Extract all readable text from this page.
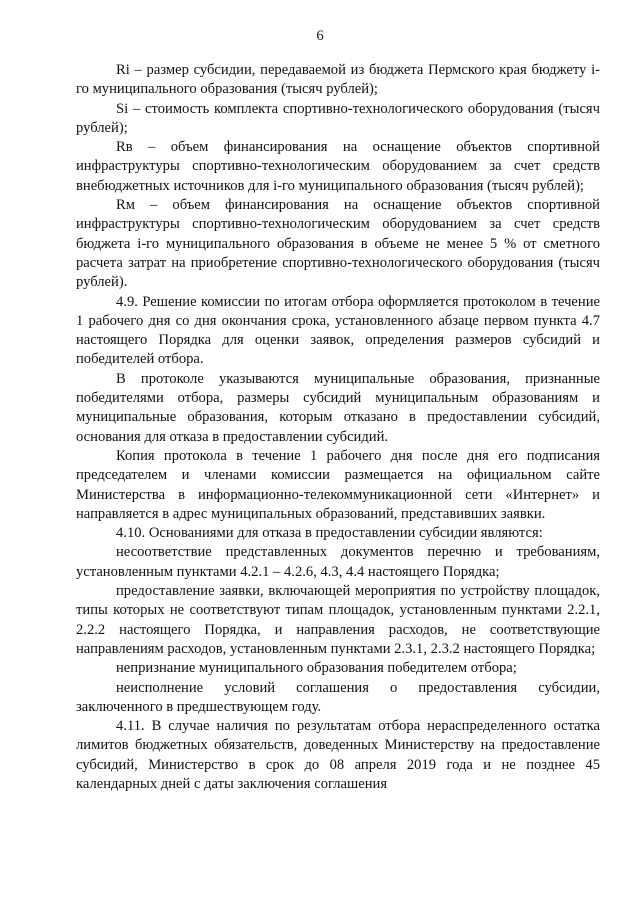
6

Ri – размер субсидии, передаваемой из бюджета Пермского края бюджету i-го муниципального образования (тысяч рублей);

Si – стоимость комплекта спортивно-технологического оборудования (тысяч рублей);

Rв – объем финансирования на оснащение объектов спортивной инфраструктуры спортивно-технологическим оборудованием за счет средств внебюджетных источников для i-го муниципального образования (тысяч рублей);

Rм – объем финансирования на оснащение объектов спортивной инфраструктуры спортивно-технологическим оборудованием за счет средств бюджета i-го муниципального образования в объеме не менее 5 % от сметного расчета затрат на приобретение спортивно-технологического оборудования (тысяч рублей).

4.9. Решение комиссии по итогам отбора оформляется протоколом в течение 1 рабочего дня со дня окончания срока, установленного абзаце первом пункта 4.7 настоящего Порядка для оценки заявок, определения размеров субсидий и победителей отбора.

В протоколе указываются муниципальные образования, признанные победителями отбора, размеры субсидий муниципальным образованиям и муниципальные образования, которым отказано в предоставлении субсидий, основания для отказа в предоставлении субсидий.

Копия протокола в течение 1 рабочего дня после дня его подписания председателем и членами комиссии размещается на официальном сайте Министерства в информационно-телекоммуникационной сети «Интернет» и направляется в адрес муниципальных образований, представивших заявки.

4.10. Основаниями для отказа в предоставлении субсидии являются:

несоответствие представленных документов перечню и требованиям, установленным пунктами 4.2.1 – 4.2.6, 4.3, 4.4 настоящего Порядка;

предоставление заявки, включающей мероприятия по устройству площадок, типы которых не соответствуют типам площадок, установленным пунктами 2.2.1, 2.2.2 настоящего Порядка, и направления расходов, не соответствующие направлениям расходов, установленным пунктами 2.3.1, 2.3.2 настоящего Порядка;

непризнание муниципального образования победителем отбора;

неисполнение условий соглашения о предоставления субсидии, заключенного в предшествующем году.

4.11. В случае наличия по результатам отбора нераспределенного остатка лимитов бюджетных обязательств, доведенных Министерству на предоставление субсидий, Министерство в срок до 08 апреля 2019 года и не позднее 45 календарных дней с даты заключения соглашения
